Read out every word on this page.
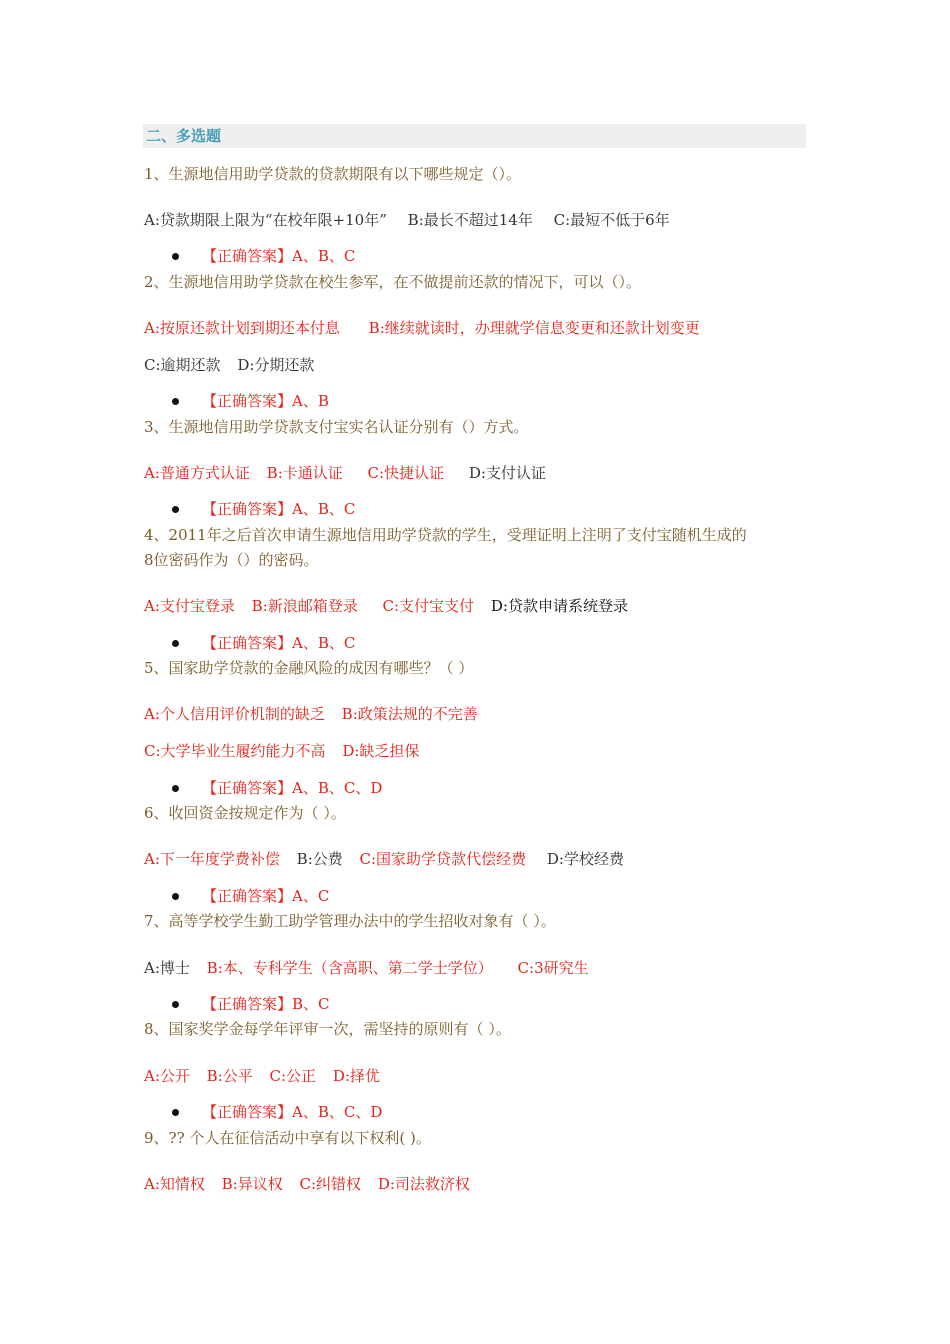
二、多选题
1、生源地信用助学贷款的贷款期限有以下哪些规定（）。
A:贷款期限上限为“在校年限+10年” B:最长不超过14年 C:最短不低于6年
【正确答案】A、B、C
2、生源地信用助学贷款在校生参军，在不做提前还款的情况下，可以（）。
A:按原还款计划到期还本付息 B:继续就读时，办理就学信息变更和还款计划变更
C:逾期还款 D:分期还款
【正确答案】A、B
3、生源地信用助学贷款支付宝实名认证分别有（）方式。
A:普通方式认证 B:卡通认证 C:快捷认证 D:支付认证
【正确答案】A、B、C
4、2011年之后首次申请生源地信用助学贷款的学生，受理证明上注明了支付宝随机生成的
8位密码作为（）的密码。
A:支付宝登录 B:新浪邮箱登录 C:支付宝支付 D:贷款申请系统登录
【正确答案】A、B、C
5、国家助学贷款的金融风险的成因有哪些？（ ）
A:个人信用评价机制的缺乏 B:政策法规的不完善
C:大学毕业生履约能力不高 D:缺乏担保
【正确答案】A、B、C、D
6、收回资金按规定作为（ ）。
A:下一年度学费补偿 B:公费 C:国家助学贷款代偿经费 D:学校经费
【正确答案】A、C
7、高等学校学生勤工助学管理办法中的学生招收对象有（ ）。
A:博士 B:本、专科学生（含高职、第二学士学位） C:3研究生
【正确答案】B、C
8、国家奖学金每学年评审一次，需坚持的原则有（ ）。
A:公开 B:公平 C:公正 D:择优
【正确答案】A、B、C、D
9、?? 个人在征信活动中享有以下权利( )。
A:知情权 B:异议权 C:纠错权 D:司法救济权
